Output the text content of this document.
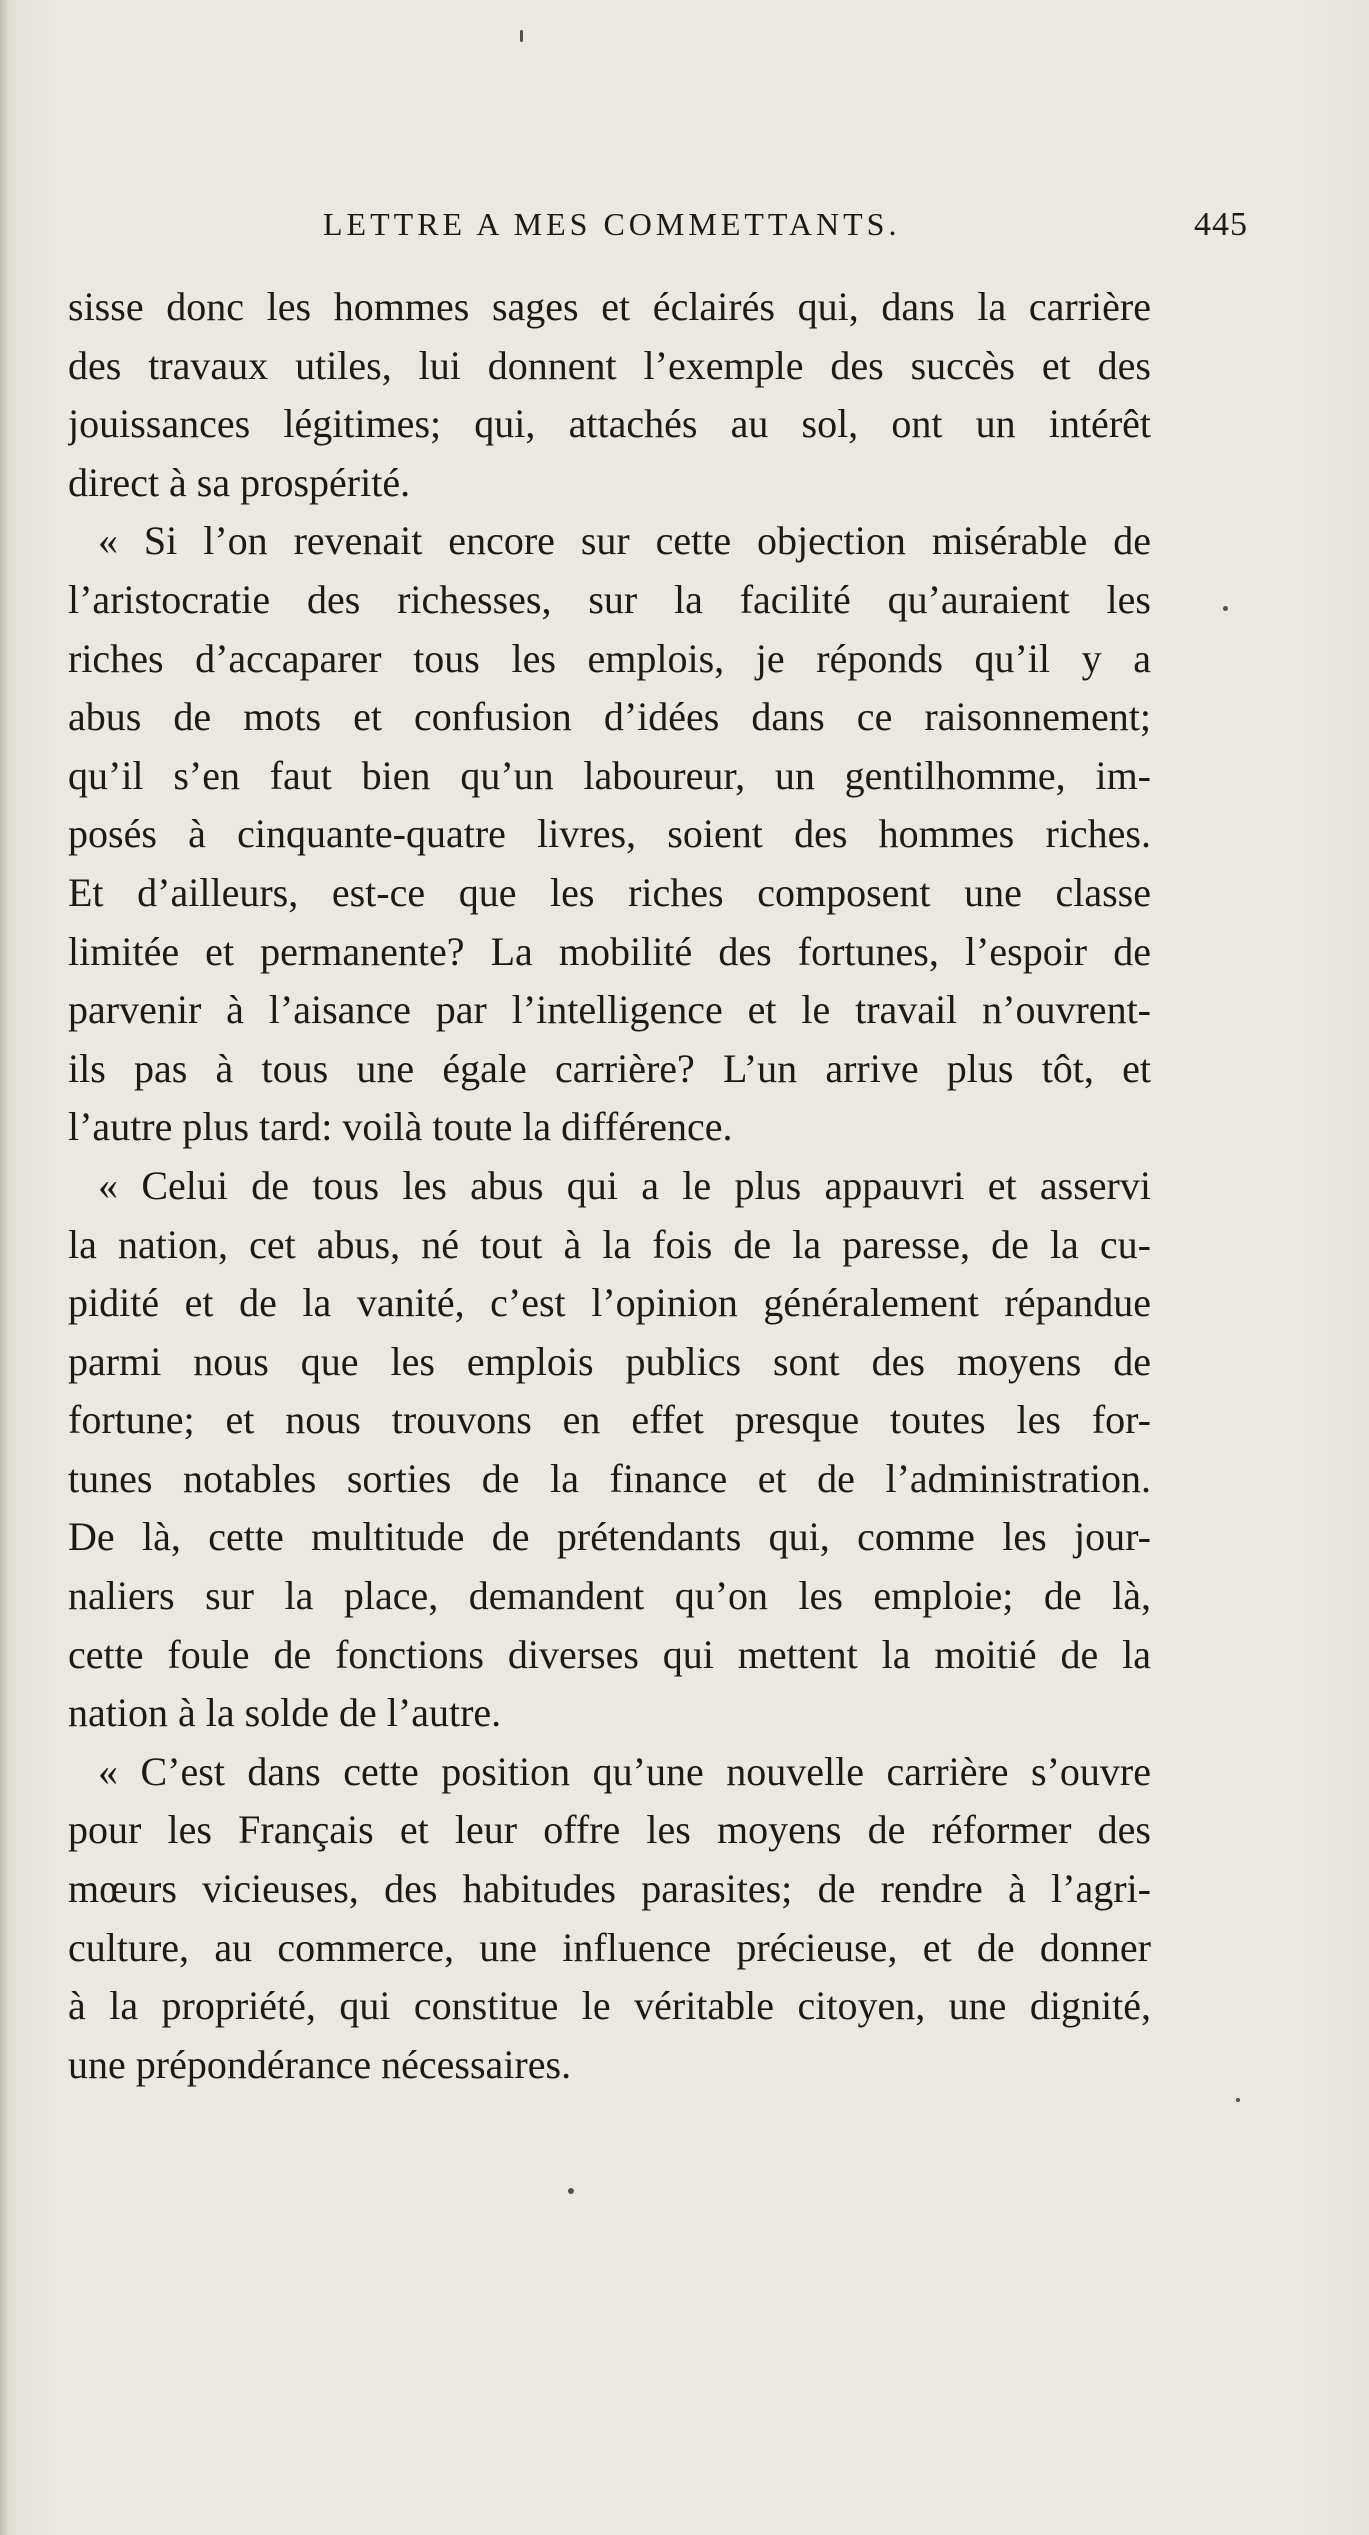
LETTRE A MES COMMETTANTS.	445
sisse donc les hommes sages et éclairés qui, dans la carrière
des travaux utiles, lui donnent l’exemple des succès et des
jouissances légitimes; qui, attachés au sol, ont un intérêt
direct à sa prospérité.
« Si l’on revenait encore sur cette objection misérable de
l’aristocratie des richesses, sur la facilité qu’auraient les
riches d’accaparer tous les emplois, je réponds qu’il y a
abus de mots et confusion d’idées dans ce raisonnement;
qu’il s’en faut bien qu’un laboureur, un gentilhomme, im-
posés à cinquante-quatre livres, soient des hommes riches.
Et d’ailleurs, est-ce que les riches composent une classe
limitée et permanente? La mobilité des fortunes, l’espoir de
parvenir à l’aisance par l’intelligence et le travail n’ouvrent-
ils pas à tous une égale carrière? L’un arrive plus tôt, et
l’autre plus tard: voilà toute la différence.
« Celui de tous les abus qui a le plus appauvri et asservi
la nation, cet abus, né tout à la fois de la paresse, de la cu-
pidité et de la vanité, c’est l’opinion généralement répandue
parmi nous que les emplois publics sont des moyens de
fortune; et nous trouvons en effet presque toutes les for-
tunes notables sorties de la finance et de l’administration.
De là, cette multitude de prétendants qui, comme les jour-
naliers sur la place, demandent qu’on les emploie; de là,
cette foule de fonctions diverses qui mettent la moitié de la
nation à la solde de l’autre.
« C’est dans cette position qu’une nouvelle carrière s’ouvre
pour les Français et leur offre les moyens de réformer des
mœurs vicieuses, des habitudes parasites; de rendre à l’agri-
culture, au commerce, une influence précieuse, et de donner
à la propriété, qui constitue le véritable citoyen, une dignité,
une prépondérance nécessaires.
